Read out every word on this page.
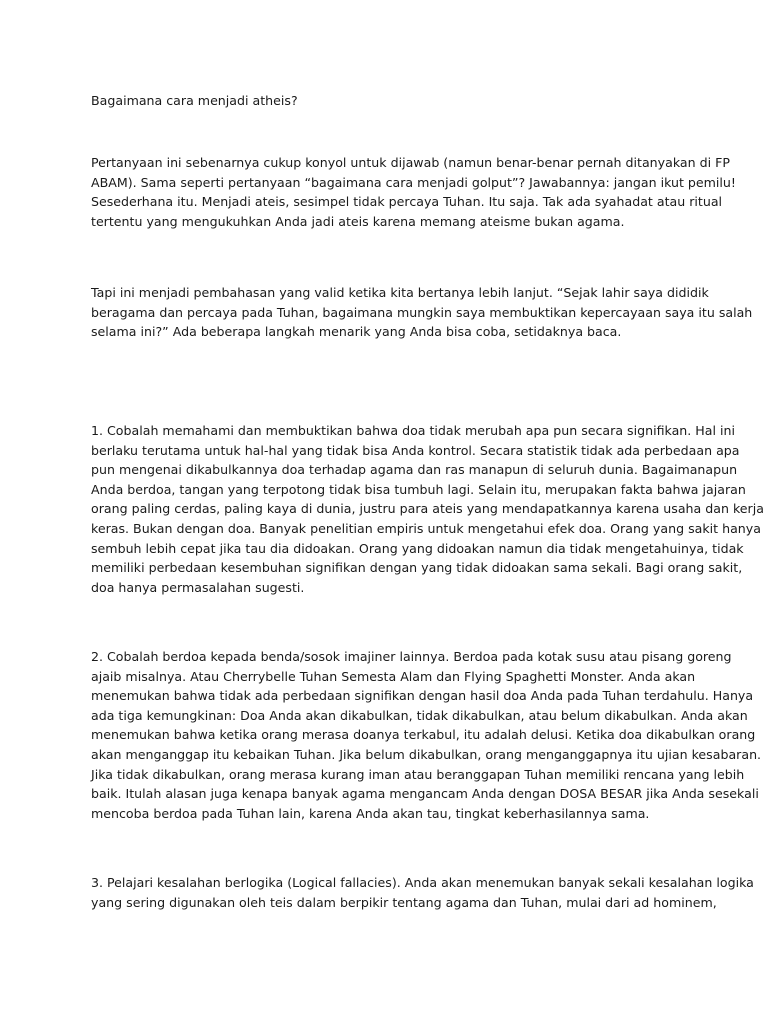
Bagaimana cara menjadi atheis?

Pertanyaan ini sebenarnya cukup konyol untuk dijawab (namun benar-benar pernah ditanyakan di FP
ABAM). Sama seperti pertanyaan “bagaimana cara menjadi golput”? Jawabannya: jangan ikut pemilu!
Sesederhana itu. Menjadi ateis, sesimpel tidak percaya Tuhan. Itu saja. Tak ada syahadat atau ritual
tertentu yang mengukuhkan Anda jadi ateis karena memang ateisme bukan agama.

Tapi ini menjadi pembahasan yang valid ketika kita bertanya lebih lanjut. “Sejak lahir saya dididik
beragama dan percaya pada Tuhan, bagaimana mungkin saya membuktikan kepercayaan saya itu salah
selama ini?” Ada beberapa langkah menarik yang Anda bisa coba, setidaknya baca.

1. Cobalah memahami dan membuktikan bahwa doa tidak merubah apa pun secara signifikan. Hal ini
berlaku terutama untuk hal-hal yang tidak bisa Anda kontrol. Secara statistik tidak ada perbedaan apa
pun mengenai dikabulkannya doa terhadap agama dan ras manapun di seluruh dunia. Bagaimanapun
Anda berdoa, tangan yang terpotong tidak bisa tumbuh lagi. Selain itu, merupakan fakta bahwa jajaran
orang paling cerdas, paling kaya di dunia, justru para ateis yang mendapatkannya karena usaha dan kerja
keras. Bukan dengan doa. Banyak penelitian empiris untuk mengetahui efek doa. Orang yang sakit hanya
sembuh lebih cepat jika tau dia didoakan. Orang yang didoakan namun dia tidak mengetahuinya, tidak
memiliki perbedaan kesembuhan signifikan dengan yang tidak didoakan sama sekali. Bagi orang sakit,
doa hanya permasalahan sugesti.

2. Cobalah berdoa kepada benda/sosok imajiner lainnya. Berdoa pada kotak susu atau pisang goreng
ajaib misalnya. Atau Cherrybelle Tuhan Semesta Alam dan Flying Spaghetti Monster. Anda akan
menemukan bahwa tidak ada perbedaan signifikan dengan hasil doa Anda pada Tuhan terdahulu. Hanya
ada tiga kemungkinan: Doa Anda akan dikabulkan, tidak dikabulkan, atau belum dikabulkan. Anda akan
menemukan bahwa ketika orang merasa doanya terkabul, itu adalah delusi. Ketika doa dikabulkan orang
akan menganggap itu kebaikan Tuhan. Jika belum dikabulkan, orang menganggapnya itu ujian kesabaran.
Jika tidak dikabulkan, orang merasa kurang iman atau beranggapan Tuhan memiliki rencana yang lebih
baik. Itulah alasan juga kenapa banyak agama mengancam Anda dengan DOSA BESAR jika Anda sesekali
mencoba berdoa pada Tuhan lain, karena Anda akan tau, tingkat keberhasilannya sama.

3. Pelajari kesalahan berlogika (Logical fallacies). Anda akan menemukan banyak sekali kesalahan logika
yang sering digunakan oleh teis dalam berpikir tentang agama dan Tuhan, mulai dari ad hominem,
